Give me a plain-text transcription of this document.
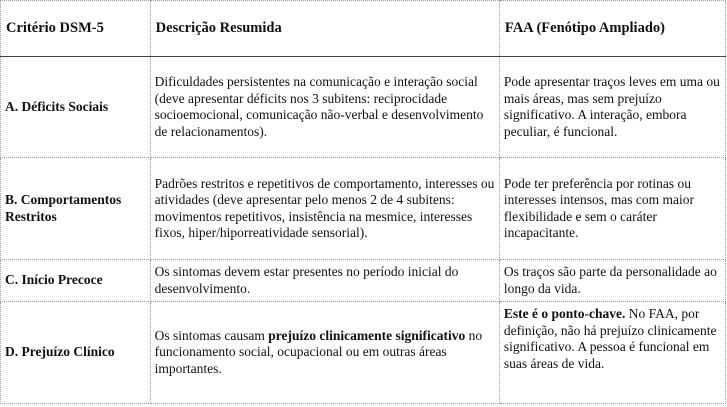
Critério DSM-5	Descrição Resumida	FAA (Fenótipo Ampliado)
A. Déficits Sociais	Dificuldades persistentes na comunicação e interação social (deve apresentar déficits nos 3 subitens: reciprocidade socioemocional, comunicação não-verbal e desenvolvimento de relacionamentos).	Pode apresentar traços leves em uma ou mais áreas, mas sem prejuízo significativo. A interação, embora peculiar, é funcional.
B. Comportamentos Restritos	Padrões restritos e repetitivos de comportamento, interesses ou atividades (deve apresentar pelo menos 2 de 4 subitens: movimentos repetitivos, insistência na mesmice, interesses fixos, hiper/hiporreatividade sensorial).	Pode ter preferência por rotinas ou interesses intensos, mas com maior flexibilidade e sem o caráter incapacitante.
C. Início Precoce	Os sintomas devem estar presentes no período inicial do desenvolvimento.	Os traços são parte da personalidade ao longo da vida.
D. Prejuízo Clínico	Os sintomas causam prejuízo clinicamente significativo no funcionamento social, ocupacional ou em outras áreas importantes.	Este é o ponto-chave. No FAA, por definição, não há prejuízo clinicamente significativo. A pessoa é funcional em suas áreas de vida.
